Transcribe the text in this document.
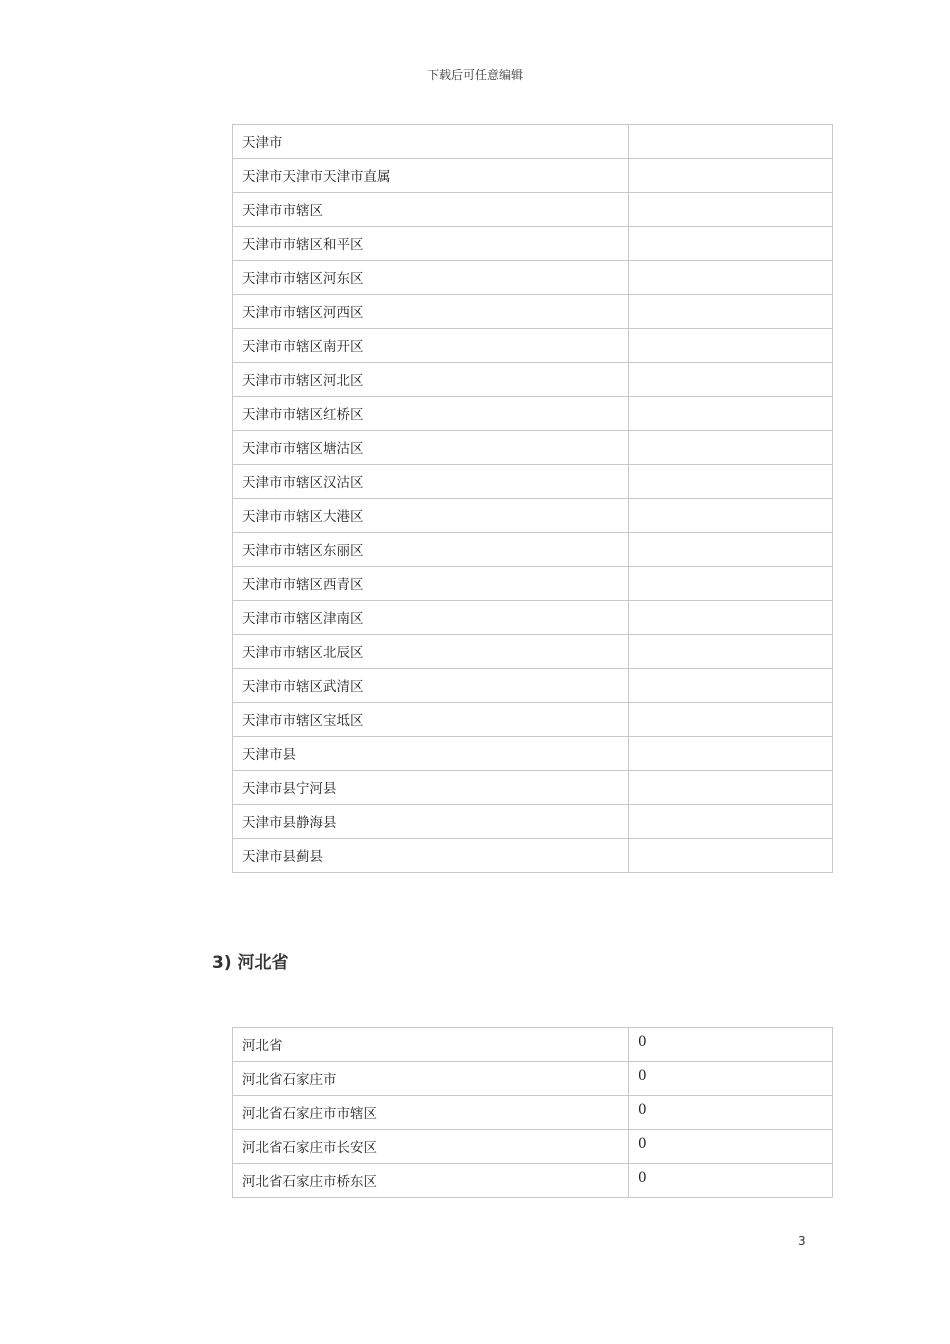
下载后可任意编辑
天津市	
天津市天津市天津市直属	
天津市市辖区	
天津市市辖区和平区	
天津市市辖区河东区	
天津市市辖区河西区	
天津市市辖区南开区	
天津市市辖区河北区	
天津市市辖区红桥区	
天津市市辖区塘沽区	
天津市市辖区汉沽区	
天津市市辖区大港区	
天津市市辖区东丽区	
天津市市辖区西青区	
天津市市辖区津南区	
天津市市辖区北辰区	
天津市市辖区武清区	
天津市市辖区宝坻区	
天津市县	
天津市县宁河县	
天津市县静海县	
天津市县蓟县	
3) 河北省
河北省	0
河北省石家庄市	0
河北省石家庄市市辖区	0
河北省石家庄市长安区	0
河北省石家庄市桥东区	0
3
